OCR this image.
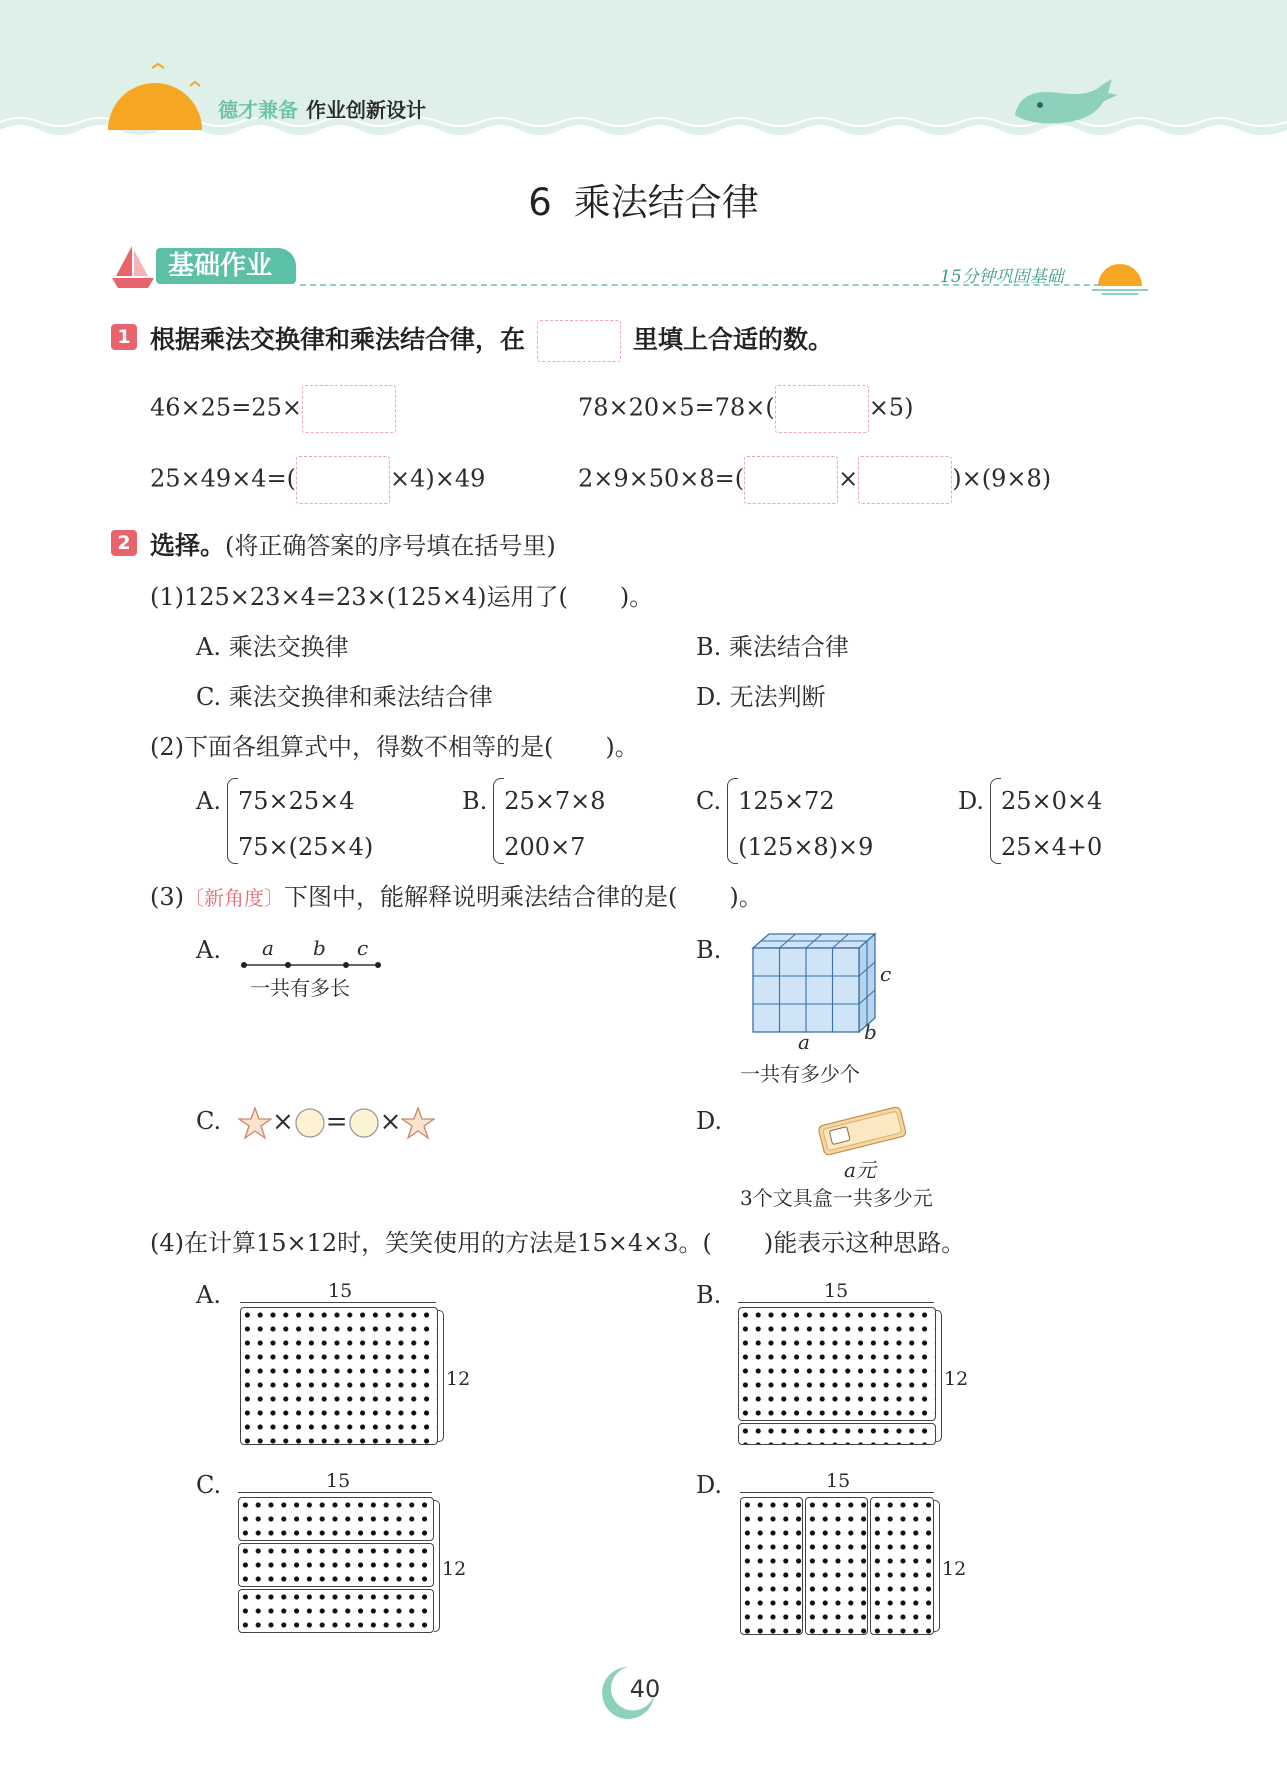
德才兼备 作业创新设计
6 乘法结合律
基础作业	15分钟巩固基础
1 根据乘法交换律和乘法结合律，在	里填上合适的数。
46×25=25×	78×20×5=78×(	×5)
25×49×4=(	×4)×49	2×9×50×8=(	×	)×(9×8)
2 选择。(将正确答案的序号填在括号里)
(1)125×23×4=23×(125×4)运用了( )。
A. 乘法交换律	B. 乘法结合律
C. 乘法交换律和乘法结合律	D. 无法判断
(2)下面各组算式中，得数不相等的是( )。
A. 75×25×4
75×(25×4)
B. 25×7×8
200×7
C. 125×72
(125×8)×9
D. 25×0×4
25×4+0
(3)〔新角度〕下图中，能解释说明乘法结合律的是( )。
A. a b c
一共有多长
B.
c
a	b
一共有多少个
C.	× = ×	D.
a元
3个文具盒一共多少元
(4)在计算15×12时，笑笑使用的方法是15×4×3。( )能表示这种思路。
A.	15
12
B.	15
12
C.	15
12
D.	15
12
40
